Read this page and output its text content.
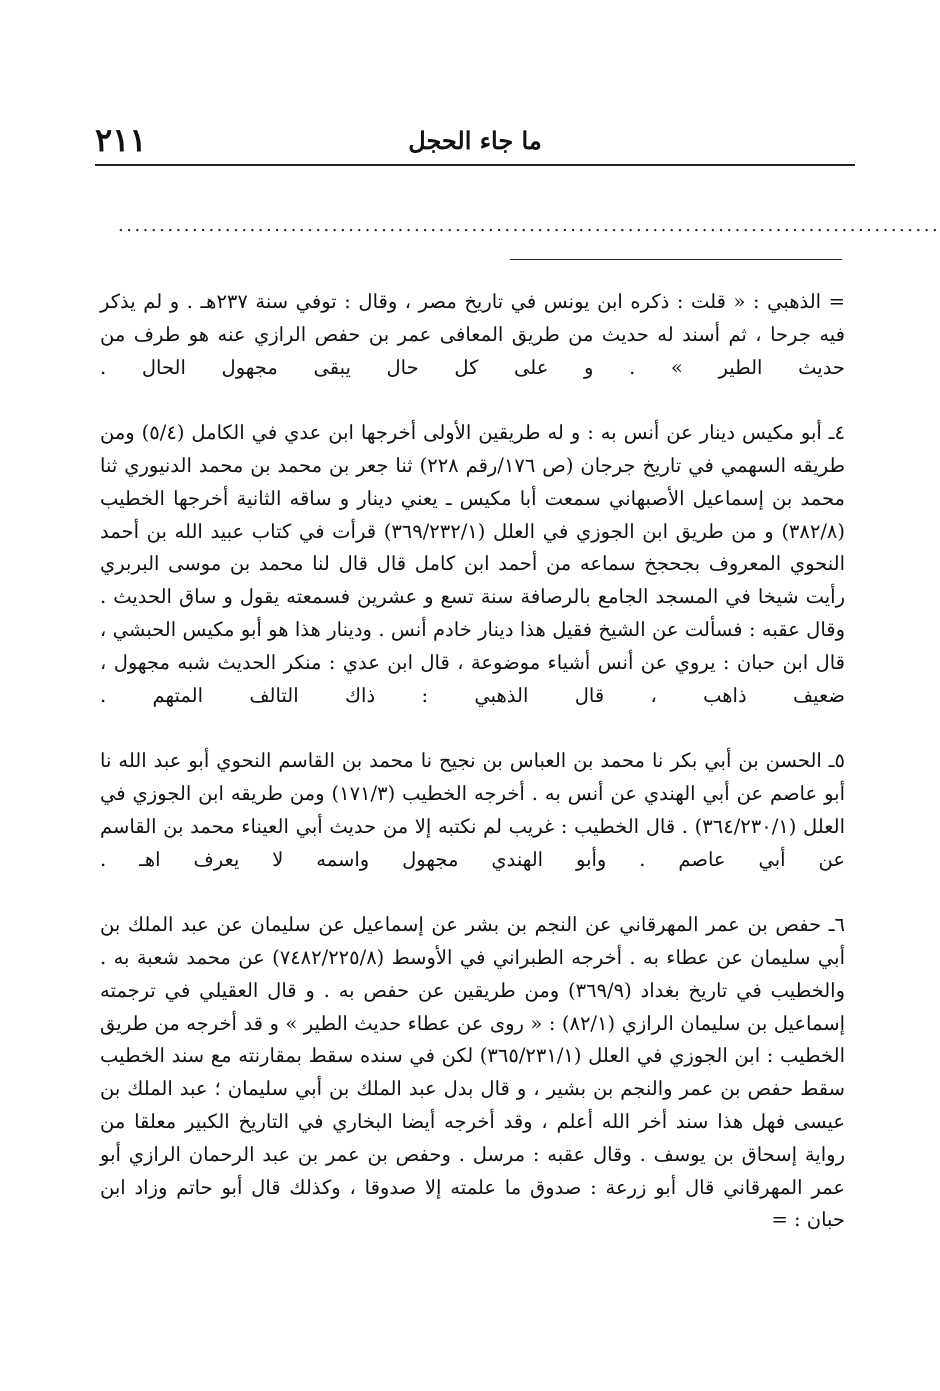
ما جاء الحجل
٢١١
....................................................................................................

= الذهبي : « قلت : ذكره ابن يونس في تاريخ مصر ، وقال : توفي سنة ٢٣٧هـ . و لم يذكر فيه جرحا ، ثم أسند له حديث من طريق المعافى عمر بن حفص الرازي عنه هو طرف من حديث الطير » . و على كل حال يبقى مجهول الحال .

٤ـ أبو مكيس دينار عن أنس به : و له طريقين الأولى أخرجها ابن عدي في الكامل (٥/٤) ومن طريقه السهمي في تاريخ جرجان (ص ١٧٦/رقم ٢٢٨) ثنا جعر بن محمد بن محمد الدنيوري ثنا محمد بن إسماعيل الأصبهاني سمعت أبا مكيس ـ يعني دينار و ساقه الثانية أخرجها الخطيب (٣٨٢/٨) و من طريق ابن الجوزي في العلل (٣٦٩/٢٣٢/١) قرأت في كتاب عبيد الله بن أحمد النحوي المعروف بجحجخ سماعه من أحمد ابن كامل قال قال لنا محمد بن موسى البربري رأيت شيخا في المسجد الجامع بالرصافة سنة تسع و عشرين فسمعته يقول و ساق الحديث . وقال عقبه : فسألت عن الشيخ فقيل هذا دينار خادم أنس . ودينار هذا هو أبو مكيس الحبشي ، قال ابن حبان : يروي عن أنس أشياء موضوعة ، قال ابن عدي : منكر الحديث شبه مجهول ، ضعيف ذاهب ، قال الذهبي : ذاك التالف المتهم .

٥ـ الحسن بن أبي بكر نا محمد بن العباس بن نجيح نا محمد بن القاسم النحوي أبو عبد الله نا أبو عاصم عن أبي الهندي عن أنس به . أخرجه الخطيب (١٧١/٣) ومن طريقه ابن الجوزي في العلل (٣٦٤/٢٣٠/١) . قال الخطيب : غريب لم نكتبه إلا من حديث أبي العيناء محمد بن القاسم عن أبي عاصم . وأبو الهندي مجهول واسمه لا يعرف اهـ .

٦ـ حفص بن عمر المهرقاني عن النجم بن بشر عن إسماعيل عن سليمان عن عبد الملك بن أبي سليمان عن عطاء به . أخرجه الطبراني في الأوسط (٧٤٨٢/٢٢٥/٨) عن محمد شعبة به . والخطيب في تاريخ بغداد (٣٦٩/٩) ومن طريقين عن حفص به . و قال العقيلي في ترجمته إسماعيل بن سليمان الرازي (٨٢/١) : « روى عن عطاء حديث الطير » و قد أخرجه من طريق الخطيب : ابن الجوزي في العلل (٣٦٥/٢٣١/١) لكن في سنده سقط بمقارنته مع سند الخطيب سقط حفص بن عمر والنجم بن بشير ، و قال بدل عبد الملك بن أبي سليمان ؛ عبد الملك بن عيسى فهل هذا سند أخر الله أعلم ، وقد أخرجه أيضا البخاري في التاريخ الكبير معلقا من رواية إسحاق بن يوسف . وقال عقبه : مرسل . وحفص بن عمر بن عبد الرحمان الرازي أبو عمر المهرقاني قال أبو زرعة : صدوق ما علمته إلا صدوقا ، وكذلك قال أبو حاتم وزاد ابن حبان : =
